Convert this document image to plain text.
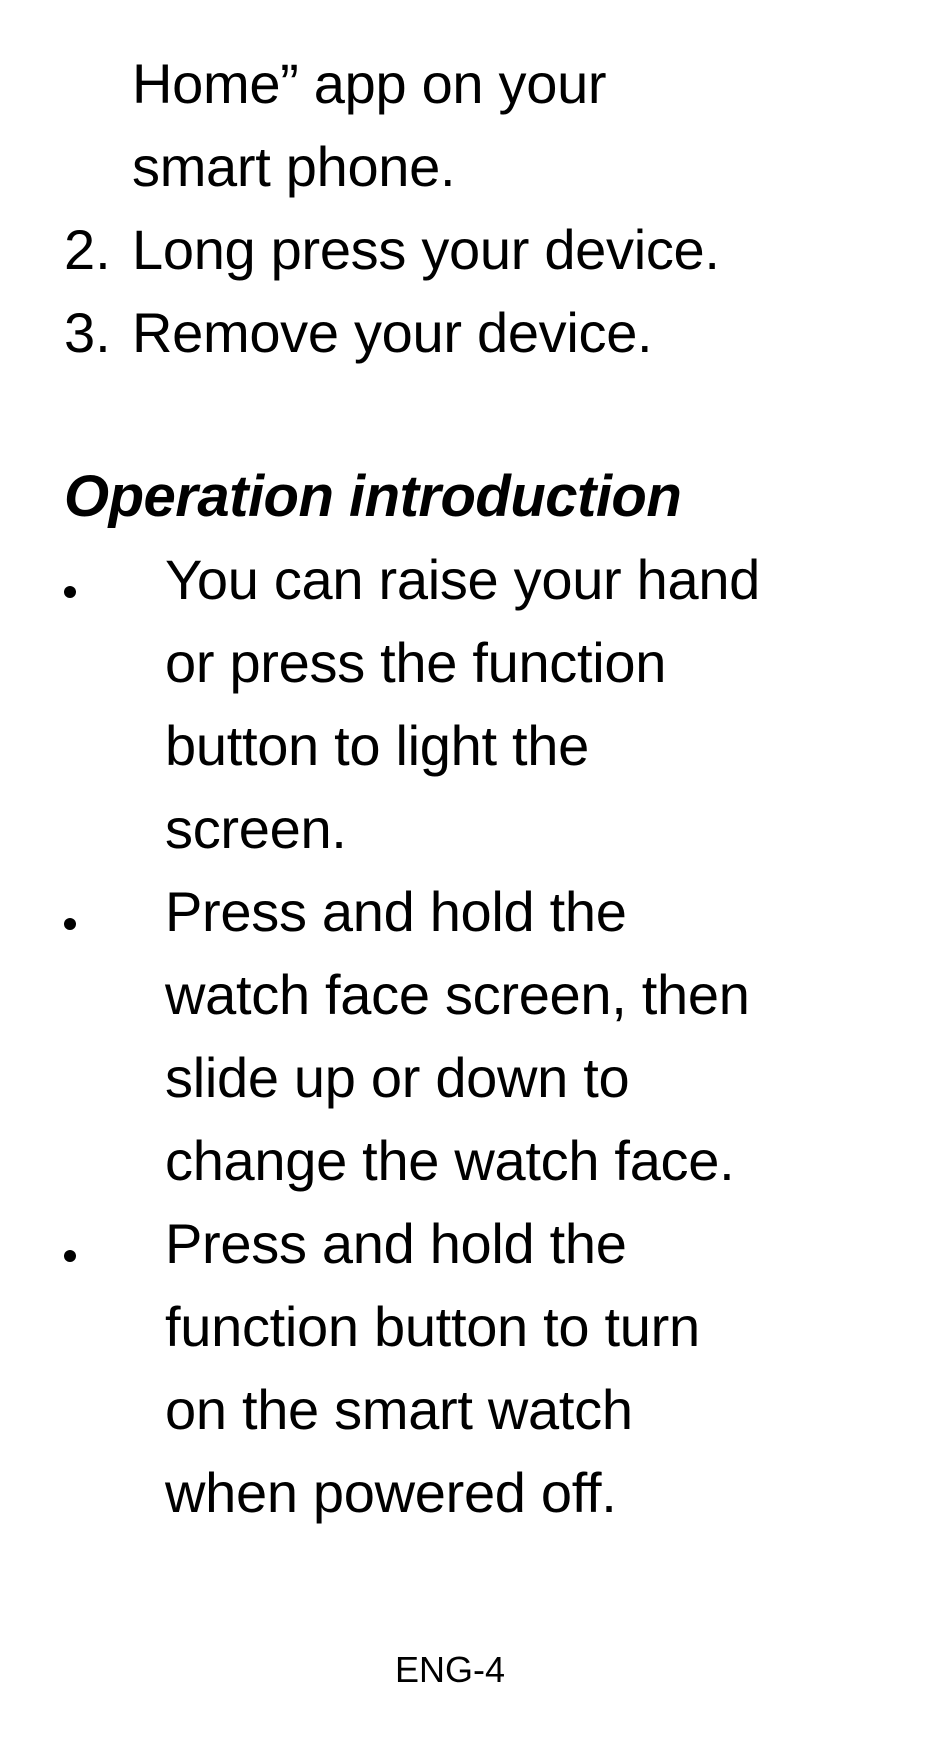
Home” app on your
smart phone.
2. Long press your device.
3. Remove your device.
Operation introduction
You can raise your hand
or press the function
button to light the
screen.
Press and hold the
watch face screen, then
slide up or down to
change the watch face.
Press and hold the
function button to turn
on the smart watch
when powered off.
ENG-4
